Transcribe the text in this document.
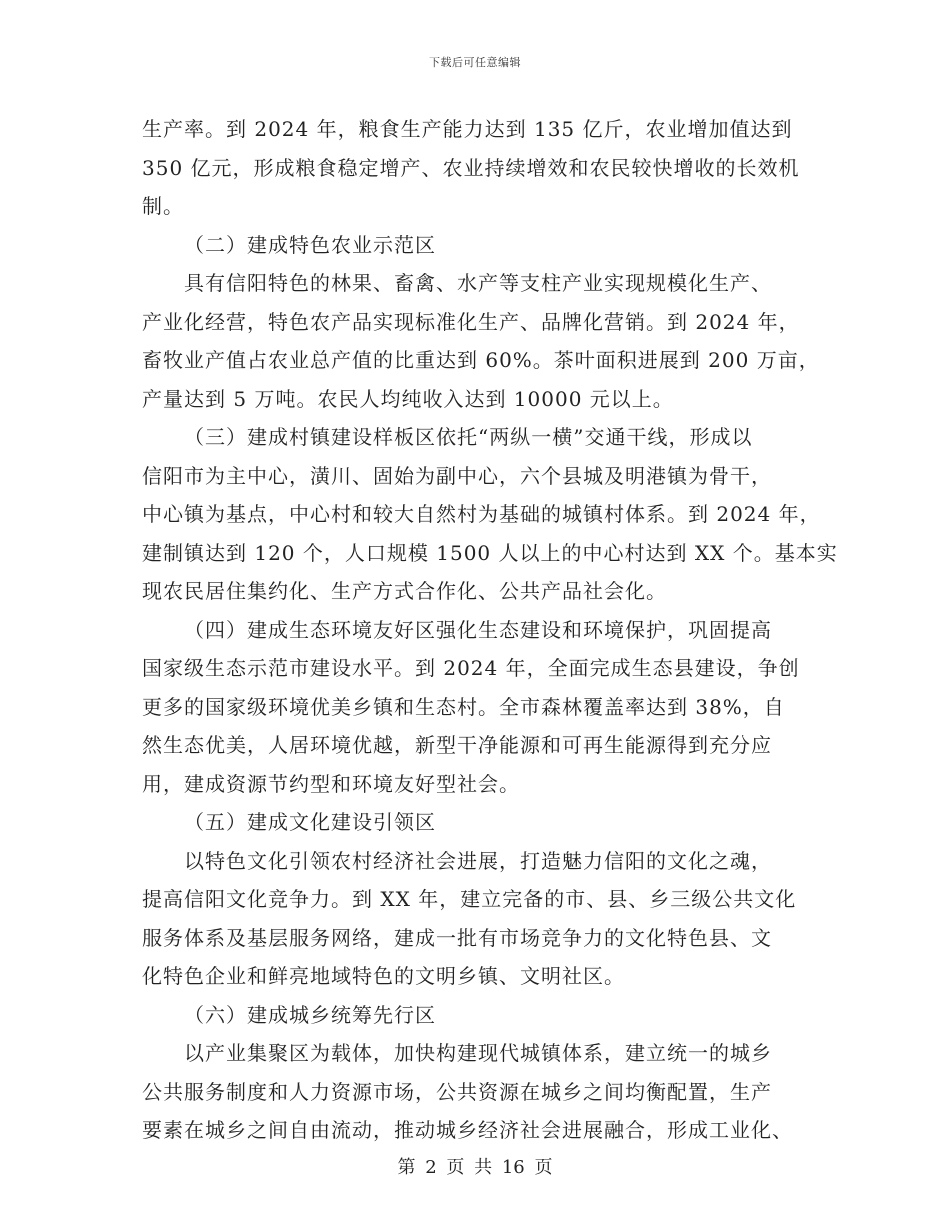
下载后可任意编辑
生产率。到 2024 年，粮食生产能力达到 135 亿斤，农业增加值达到
350 亿元，形成粮食稳定增产、农业持续增效和农民较快增收的长效机
制。
（二）建成特色农业示范区
具有信阳特色的林果、畜禽、水产等支柱产业实现规模化生产、
产业化经营，特色农产品实现标准化生产、品牌化营销。到 2024 年，
畜牧业产值占农业总产值的比重达到 60%。茶叶面积进展到 200 万亩，
产量达到 5 万吨。农民人均纯收入达到 10000 元以上。
（三）建成村镇建设样板区依托“两纵一横”交通干线，形成以
信阳市为主中心，潢川、固始为副中心，六个县城及明港镇为骨干，
中心镇为基点，中心村和较大自然村为基础的城镇村体系。到 2024 年，
建制镇达到 120 个，人口规模 1500 人以上的中心村达到 XX 个。基本实
现农民居住集约化、生产方式合作化、公共产品社会化。
（四）建成生态环境友好区强化生态建设和环境保护，巩固提高
国家级生态示范市建设水平。到 2024 年，全面完成生态县建设，争创
更多的国家级环境优美乡镇和生态村。全市森林覆盖率达到 38%，自
然生态优美，人居环境优越，新型干净能源和可再生能源得到充分应
用，建成资源节约型和环境友好型社会。
（五）建成文化建设引领区
以特色文化引领农村经济社会进展，打造魅力信阳的文化之魂，
提高信阳文化竞争力。到 XX 年，建立完备的市、县、乡三级公共文化
服务体系及基层服务网络，建成一批有市场竞争力的文化特色县、文
化特色企业和鲜亮地域特色的文明乡镇、文明社区。
（六）建成城乡统筹先行区
以产业集聚区为载体，加快构建现代城镇体系，建立统一的城乡
公共服务制度和人力资源市场，公共资源在城乡之间均衡配置，生产
要素在城乡之间自由流动，推动城乡经济社会进展融合，形成工业化、
第 2 页 共 16 页
